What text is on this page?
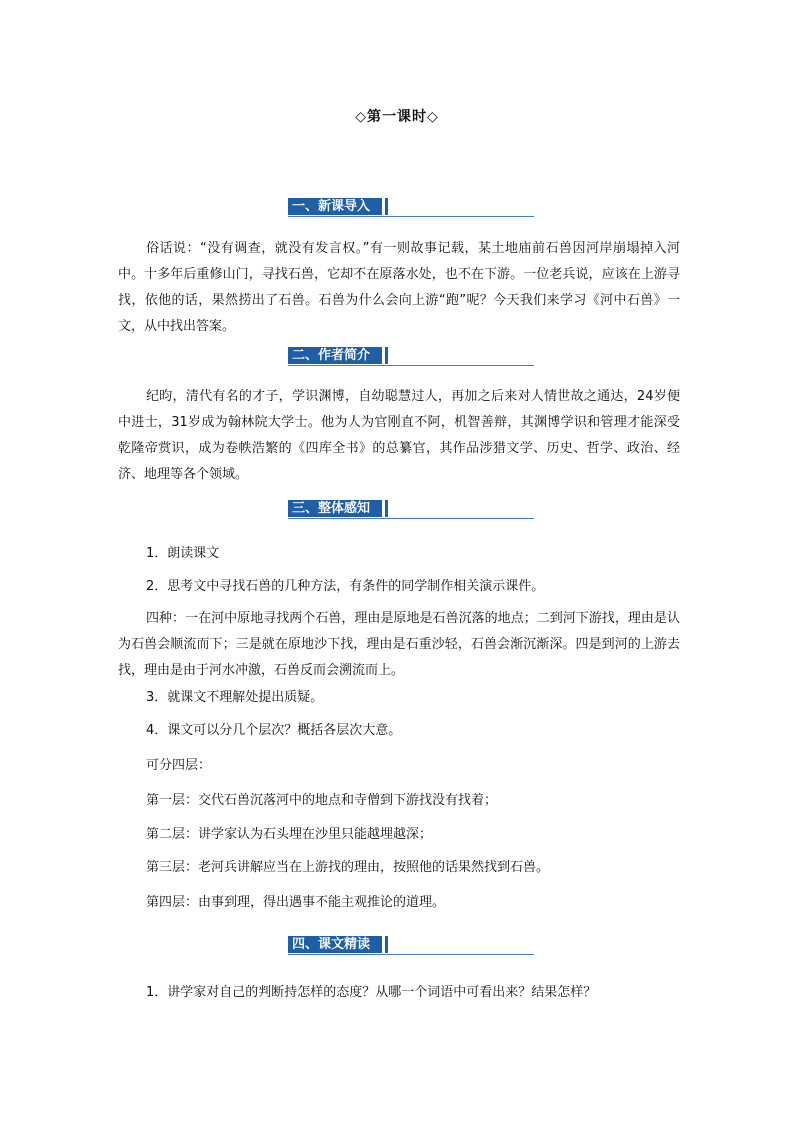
◇第一课时◇
一、新课导入
俗话说：“没有调查，就没有发言权。”有一则故事记载，某土地庙前石兽因河岸崩塌掉入河中。十多年后重修山门，寻找石兽，它却不在原落水处，也不在下游。一位老兵说，应该在上游寻找，依他的话，果然捞出了石兽。石兽为什么会向上游“跑”呢？今天我们来学习《河中石兽》一文，从中找出答案。
二、作者简介
纪昀，清代有名的才子，学识渊博，自幼聪慧过人，再加之后来对人情世故之通达，24岁便中进士，31岁成为翰林院大学士。他为人为官刚直不阿，机智善辩，其渊博学识和管理才能深受乾隆帝赏识，成为卷帙浩繁的《四库全书》的总纂官，其作品涉猎文学、历史、哲学、政治、经济、地理等各个领域。
三、整体感知
1．朗读课文
2．思考文中寻找石兽的几种方法，有条件的同学制作相关演示课件。
四种：一在河中原地寻找两个石兽，理由是原地是石兽沉落的地点；二到河下游找，理由是认为石兽会顺流而下；三是就在原地沙下找，理由是石重沙轻，石兽会渐沉渐深。四是到河的上游去找，理由是由于河水冲激，石兽反而会溯流而上。
3．就课文不理解处提出质疑。
4．课文可以分几个层次？概括各层次大意。
可分四层：
第一层：交代石兽沉落河中的地点和寺僧到下游找没有找着；
第二层：讲学家认为石头埋在沙里只能越埋越深；
第三层：老河兵讲解应当在上游找的理由，按照他的话果然找到石兽。
第四层：由事到理，得出遇事不能主观推论的道理。
四、课文精读
1．讲学家对自己的判断持怎样的态度？从哪一个词语中可看出来？结果怎样？
